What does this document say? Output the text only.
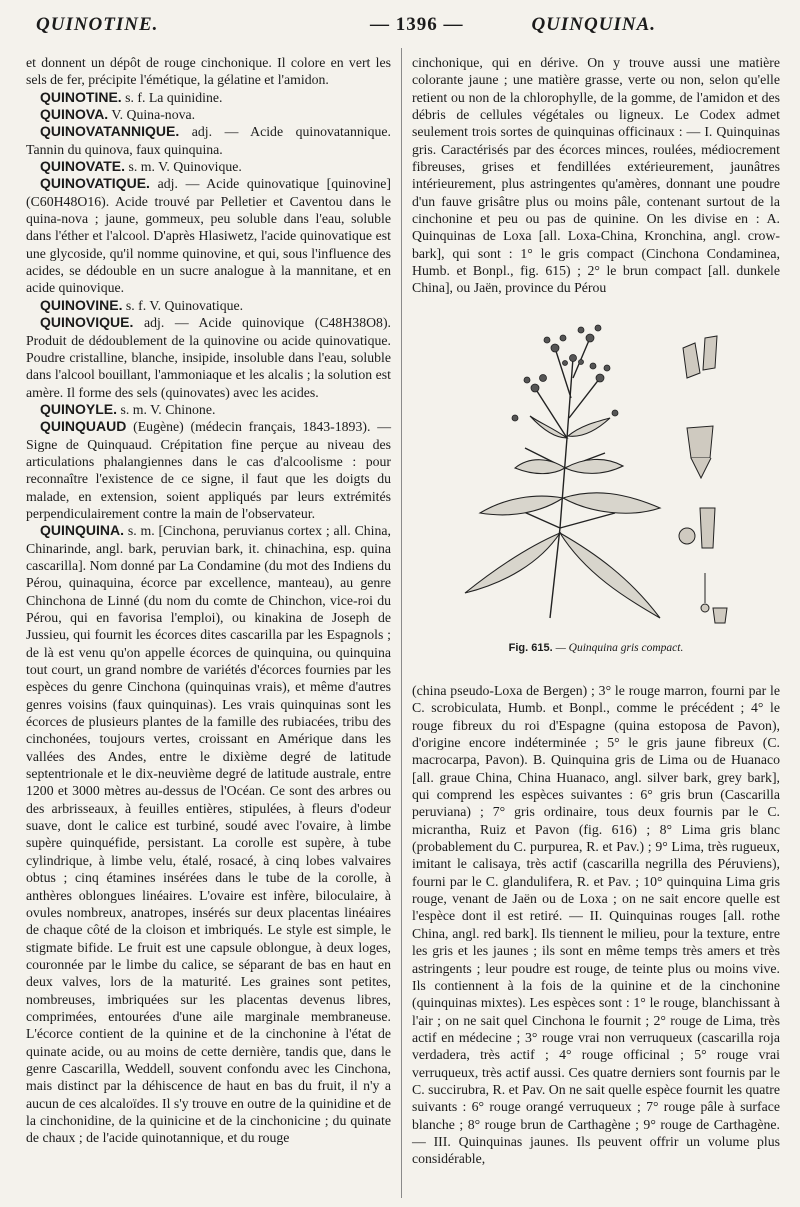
QUINOTINE.	— 1396 —	QUINQUINA.

et donnent un dépôt de rouge cinchonique. Il colore en vert les sels de fer, précipite l'émétique, la gélatine et l'amidon.

QUINOTINE. s. f. La quinidine.

QUINOVA. V. Quina-nova.

QUINOVATANNIQUE. adj. — Acide quinovatannique. Tannin du quinova, faux quinquina.

QUINOVATE. s. m. V. Quinovique.

QUINOVATIQUE. adj. — Acide quinovatique [quinovine] (C60H48O16). Acide trouvé par Pelletier et Caventou dans le quina-nova ; jaune, gommeux, peu soluble dans l'eau, soluble dans l'éther et l'alcool. D'après Hlasiwetz, l'acide quinovatique est une glycoside, qu'il nomme quinovine, et qui, sous l'influence des acides, se dédouble en un sucre analogue à la mannitane, et en acide quinovique.

QUINOVINE. s. f. V. Quinovatique.

QUINOVIQUE. adj. — Acide quinovique (C48H38O8). Produit de dédoublement de la quinovine ou acide quinovatique. Poudre cristalline, blanche, insipide, insoluble dans l'eau, soluble dans l'alcool bouillant, l'ammoniaque et les alcalis ; la solution est amère. Il forme des sels (quinovates) avec les acides.

QUINOYLE. s. m. V. Chinone.

QUINQUAUD (Eugène) (médecin français, 1843-1893). — Signe de Quinquaud. Crépitation fine perçue au niveau des articulations phalangiennes dans le cas d'alcoolisme : pour reconnaître l'existence de ce signe, il faut que les doigts du malade, en extension, soient appliqués par leurs extrémités perpendiculairement contre la main de l'observateur.

QUINQUINA. s. m. [Cinchona, peruvianus cortex ; all. China, Chinarinde, angl. bark, peruvian bark, it. chinachina, esp. quina cascarilla]. Nom donné par La Condamine (du mot des Indiens du Pérou, quinaquina, écorce par excellence, manteau), au genre Chinchona de Linné (du nom du comte de Chinchon, vice-roi du Pérou, qui en favorisa l'emploi), ou kinakina de Joseph de Jussieu, qui fournit les écorces dites cascarilla par les Espagnols ; de là est venu qu'on appelle écorces de quinquina, ou quinquina tout court, un grand nombre de variétés d'écorces fournies par les espèces du genre Cinchona (quinquinas vrais), et même d'autres genres voisins (faux quinquinas). Les vrais quinquinas sont les écorces de plusieurs plantes de la famille des rubiacées, tribu des cinchonées, toujours vertes, croissant en Amérique dans les vallées des Andes, entre le dixième degré de latitude septentrionale et le dix-neuvième degré de latitude australe, entre 1200 et 3000 mètres au-dessus de l'Océan. Ce sont des arbres ou des arbrisseaux, à feuilles entières, stipulées, à fleurs d'odeur suave, dont le calice est turbiné, soudé avec l'ovaire, à limbe supère quinquéfide, persistant. La corolle est supère, à tube cylindrique, à limbe velu, étalé, rosacé, à cinq lobes valvaires obtus ; cinq étamines insérées dans le tube de la corolle, à anthères oblongues linéaires. L'ovaire est infère, biloculaire, à ovules nombreux, anatropes, insérés sur deux placentas linéaires de chaque côté de la cloison et imbriqués. Le style est simple, le stigmate bifide. Le fruit est une capsule oblongue, à deux loges, couronnée par le limbe du calice, se séparant de bas en haut en deux valves, lors de la maturité. Les graines sont petites, nombreuses, imbriquées sur les placentas devenus libres, comprimées, entourées d'une aile marginale membraneuse. L'écorce contient de la quinine et de la cinchonine à l'état de quinate acide, ou au moins de cette dernière, tandis que, dans le genre Cascarilla, Weddell, souvent confondu avec les Cinchona, mais distinct par la déhiscence de haut en bas du fruit, il n'y a aucun de ces alcaloïdes. Il s'y trouve en outre de la quinidine et de la cinchonidine, de la quinicine et de la cinchonicine ; du quinate de chaux ; de l'acide quinotannique, et du rouge

cinchonique, qui en dérive. On y trouve aussi une matière colorante jaune ; une matière grasse, verte ou non, selon qu'elle retient ou non de la chlorophylle, de la gomme, de l'amidon et des débris de cellules végétales ou ligneux. Le Codex admet seulement trois sortes de quinquinas officinaux : — I. Quinquinas gris. Caractérisés par des écorces minces, roulées, médiocrement fibreuses, grises et fendillées extérieurement, jaunâtres intérieurement, plus astringentes qu'amères, donnant une poudre d'un fauve grisâtre plus ou moins pâle, contenant surtout de la cinchonine et peu ou pas de quinine. On les divise en : A. Quinquinas de Loxa [all. Loxa-China, Kronchina, angl. crow-bark], qui sont : 1° le gris compact (Cinchona Condaminea, Humb. et Bonpl., fig. 615) ; 2° le brun compact [all. dunkele China], ou Jaën, province du Pérou

Fig. 615. — Quinquina gris compact.

(china pseudo-Loxa de Bergen) ; 3° le rouge marron, fourni par le C. scrobiculata, Humb. et Bonpl., comme le précédent ; 4° le rouge fibreux du roi d'Espagne (quina estoposa de Pavon), d'origine encore indéterminée ; 5° le gris jaune fibreux (C. macrocarpa, Pavon). B. Quinquina gris de Lima ou de Huanaco [all. graue China, China Huanaco, angl. silver bark, grey bark], qui comprend les espèces suivantes : 6° gris brun (Cascarilla peruviana) ; 7° gris ordinaire, tous deux fournis par le C. micrantha, Ruiz et Pavon (fig. 616) ; 8° Lima gris blanc (probablement du C. purpurea, R. et Pav.) ; 9° Lima, très rugueux, imitant le calisaya, très actif (cascarilla negrilla des Péruviens), fourni par le C. glandulifera, R. et Pav. ; 10° quinquina Lima gris rouge, venant de Jaën ou de Loxa ; on ne sait encore quelle est l'espèce dont il est retiré. — II. Quinquinas rouges [all. rothe China, angl. red bark]. Ils tiennent le milieu, pour la texture, entre les gris et les jaunes ; ils sont en même temps très amers et très astringents ; leur poudre est rouge, de teinte plus ou moins vive. Ils contiennent à la fois de la quinine et de la cinchonine (quinquinas mixtes). Les espèces sont : 1° le rouge, blanchissant à l'air ; on ne sait quel Cinchona le fournit ; 2° rouge de Lima, très actif en médecine ; 3° rouge vrai non verruqueux (cascarilla roja verdadera, très actif ; 4° rouge officinal ; 5° rouge vrai verruqueux, très actif aussi. Ces quatre derniers sont fournis par le C. succirubra, R. et Pav. On ne sait quelle espèce fournit les quatre suivants : 6° rouge orangé verruqueux ; 7° rouge pâle à surface blanche ; 8° rouge brun de Carthagène ; 9° rouge de Carthagène. — III. Quinquinas jaunes. Ils peuvent offrir un volume plus considérable,
